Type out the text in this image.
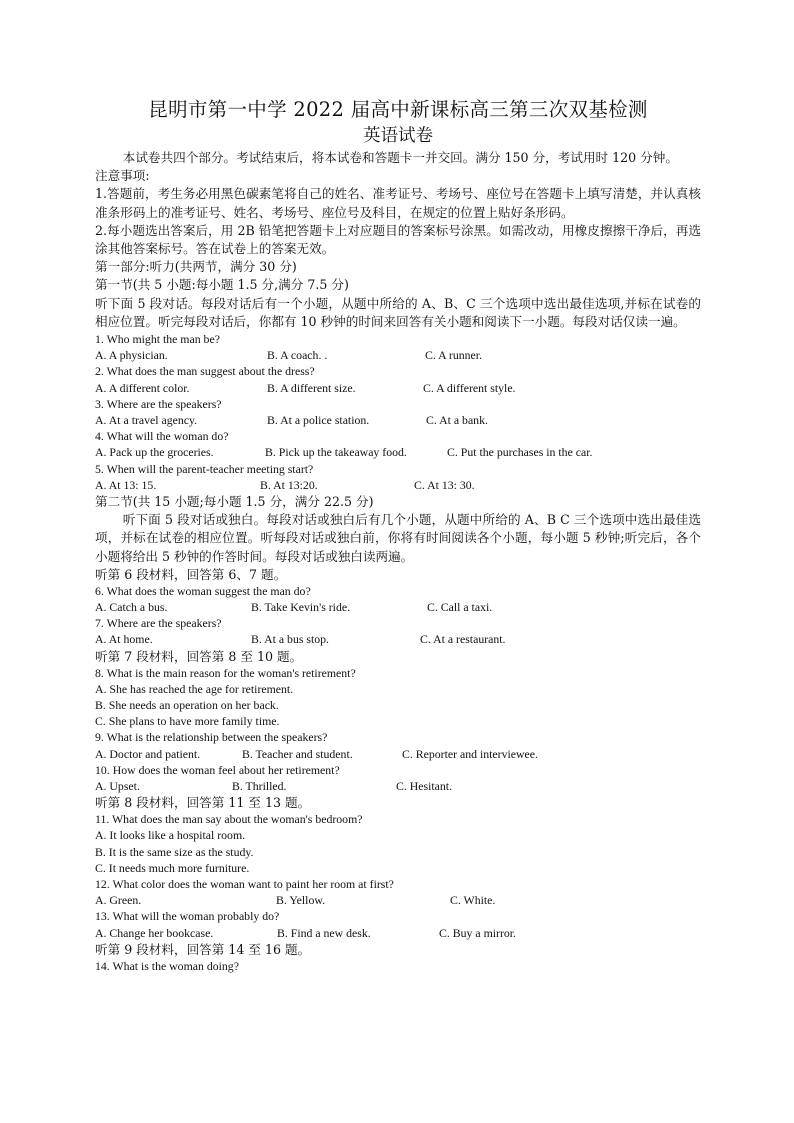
昆明市第一中学 2022 届高中新课标高三第三次双基检测
英语试卷

本试卷共四个部分。考试结束后，将本试卷和答题卡一并交回。满分 150 分，考试用时 120 分钟。

注意事项:

1.答题前，考生务必用黑色碳素笔将自己的姓名、准考证号、考场号、座位号在答题卡上填写清楚，并认真核准条形码上的准考证号、姓名、考场号、座位号及科目，在规定的位置上贴好条形码。

2.每小题选出答案后，用 2B 铅笔把答题卡上对应题目的答案标号涂黑。如需改动，用橡皮擦擦干净后，再选涂其他答案标号。答在试卷上的答案无效。

第一部分:听力(共两节，满分 30 分)

第一节(共 5 小题:每小题 1.5 分,满分 7.5 分)

听下面 5 段对话。每段对话后有一个小题，从题中所给的 A、B、C 三个选项中选出最佳选项,并标在试卷的相应位置。听完每段对话后，你都有 10 秒钟的时间来回答有关小题和阅读下一小题。每段对话仅读一遍。

1. Who might the man be?

A. A physician.	B. A coach. .	C. A runner.

2. What does the man suggest about the dress?

A. A different color.	B. A different size.	C. A different style.

3. Where are the speakers?

A. At a travel agency.	B. At a police station.	C. At a bank.

4. What will the woman do?

A. Pack up the groceries.	B. Pick up the takeaway food.	C. Put the purchases in the car.

5. When will the parent-teacher meeting start?

A. At 13: 15.	B. At 13:20.	C. At 13: 30.

第二节(共 15 小题;每小题 1.5 分，满分 22.5 分)

听下面 5 段对话或独白。每段对话或独白后有几个小题，从题中所给的 A、B C 三个选项中选出最佳选项，并标在试卷的相应位置。听每段对话或独白前，你将有时间阅读各个小题，每小题 5 秒钟;听完后，各个小题将给出 5 秒钟的作答时间。每段对话或独白读两遍。

听第 6 段材料，回答第 6、7 题。

6. What does the woman suggest the man do?

A. Catch a bus.	B. Take Kevin's ride.	C. Call a taxi.

7. Where are the speakers?

A. At home.	B. At a bus stop.	C. At a restaurant.

听第 7 段材料，回答第 8 至 10 题。

8. What is the main reason for the woman's retirement?

A. She has reached the age for retirement.

B. She needs an operation on her back.

C. She plans to have more family time.

9. What is the relationship between the speakers?

A. Doctor and patient.	B. Teacher and student.	C. Reporter and interviewee.

10. How does the woman feel about her retirement?

A. Upset.	B. Thrilled.	C. Hesitant.

听第 8 段材料，回答第 11 至 13 题。

11. What does the man say about the woman's bedroom?

A. It looks like a hospital room.

B. It is the same size as the study.

C. It needs much more furniture.

12. What color does the woman want to paint her room at first?

A. Green.	B. Yellow.	C. White.

13. What will the woman probably do?

A. Change her bookcase.	B. Find a new desk.	C. Buy a mirror.

听第 9 段材料，回答第 14 至 16 题。

14. What is the woman doing?
